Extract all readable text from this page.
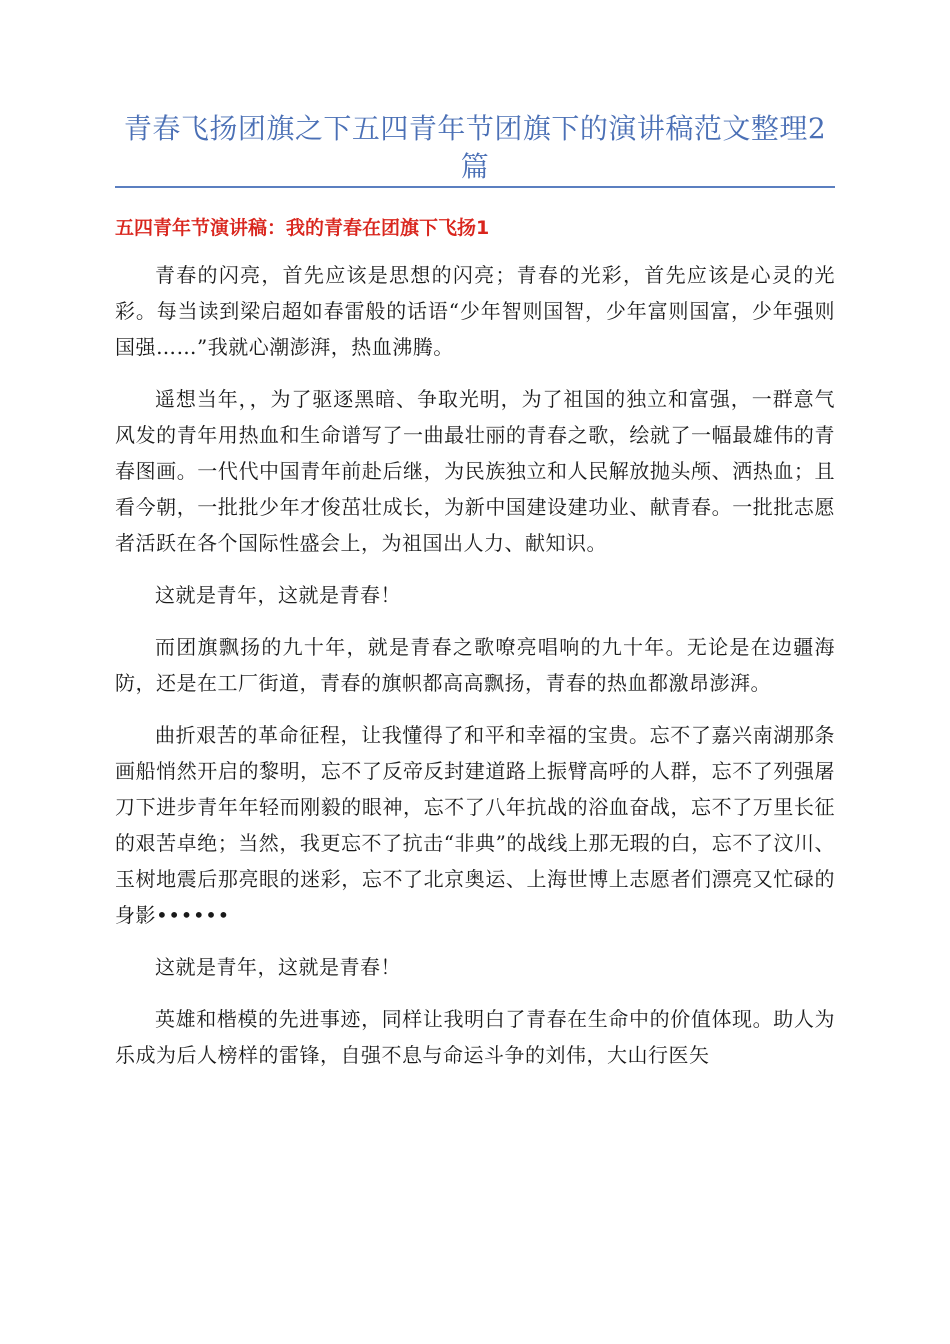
青春飞扬团旗之下五四青年节团旗下的演讲稿范文整理2篇
五四青年节演讲稿：我的青春在团旗下飞扬1

青春的闪亮，首先应该是思想的闪亮；青春的光彩，首先应该是心灵的光彩。每当读到梁启超如春雷般的话语“少年智则国智，少年富则国富，少年强则国强……”我就心潮澎湃，热血沸腾。

遥想当年，，为了驱逐黑暗、争取光明，为了祖国的独立和富强，一群意气风发的青年用热血和生命谱写了一曲最壮丽的青春之歌，绘就了一幅最雄伟的青春图画。一代代中国青年前赴后继，为民族独立和人民解放抛头颅、洒热血；且看今朝，一批批少年才俊茁壮成长，为新中国建设建功业、献青春。一批批志愿者活跃在各个国际性盛会上，为祖国出人力、献知识。

这就是青年，这就是青春！

而团旗飘扬的九十年，就是青春之歌嘹亮唱响的九十年。无论是在边疆海防，还是在工厂街道，青春的旗帜都高高飘扬，青春的热血都激昂澎湃。

曲折艰苦的革命征程，让我懂得了和平和幸福的宝贵。忘不了嘉兴南湖那条画船悄然开启的黎明，忘不了反帝反封建道路上振臂高呼的人群，忘不了列强屠刀下进步青年年轻而刚毅的眼神，忘不了八年抗战的浴血奋战，忘不了万里长征的艰苦卓绝；当然，我更忘不了抗击“非典”的战线上那无瑕的白，忘不了汶川、玉树地震后那亮眼的迷彩，忘不了北京奥运、上海世博上志愿者们漂亮又忙碌的身影••••••

这就是青年，这就是青春！

英雄和楷模的先进事迹，同样让我明白了青春在生命中的价值体现。助人为乐成为后人榜样的雷锋，自强不息与命运斗争的刘伟，大山行医矢
